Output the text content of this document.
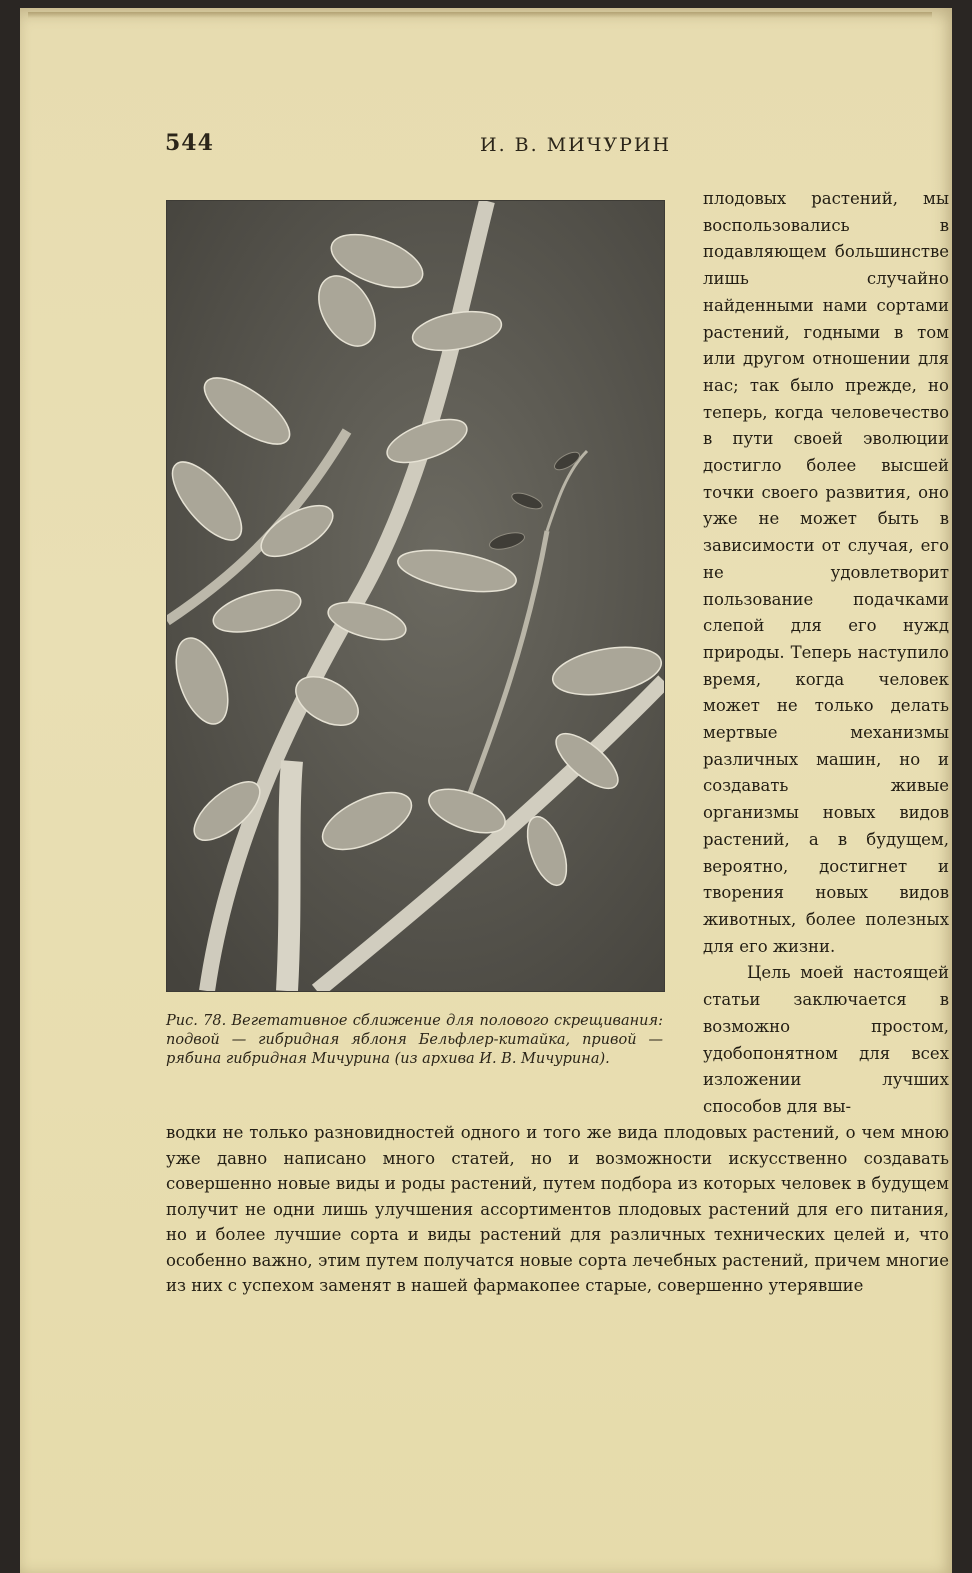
544	И. В. МИЧУРИН
Рис. 78. Вегетативное сближение для полового скрещивания: подвой — гибридная яблоня Бельфлер-китайка, привой — рябина гибридная Мичурина (из архива И. В. Мичурина).

плодовых растений, мы воспользовались в подавляющем большинстве лишь случайно найденными нами сортами растений, годными в том или другом отношении для нас; так было прежде, но теперь, когда человечество в пути своей эволюции достигло более высшей точки своего развития, оно уже не может быть в зависимости от случая, его не удовлетворит пользование подачками слепой для его нужд природы. Теперь наступило время, когда человек может не только делать мертвые механизмы различных машин, но и создавать живые организмы новых видов растений, а в будущем, вероятно, достигнет и творения новых видов животных, более полезных для его жизни.

Цель моей настоящей статьи заключается в возможно простом, удобопонятном для всех изложении лучших способов для вы-

водки не только разновидностей одного и того же вида плодовых растений, о чем мною уже давно написано много статей, но и возможности искусственно создавать совершенно новые виды и роды растений, путем подбора из которых человек в будущем получит не одни лишь улучшения ассортиментов плодовых растений для его питания, но и более лучшие сорта и виды растений для различных технических целей и, что особенно важно, этим путем получатся новые сорта лечебных растений, причем многие из них с успехом заменят в нашей фармакопее старые, совершенно утерявшие
